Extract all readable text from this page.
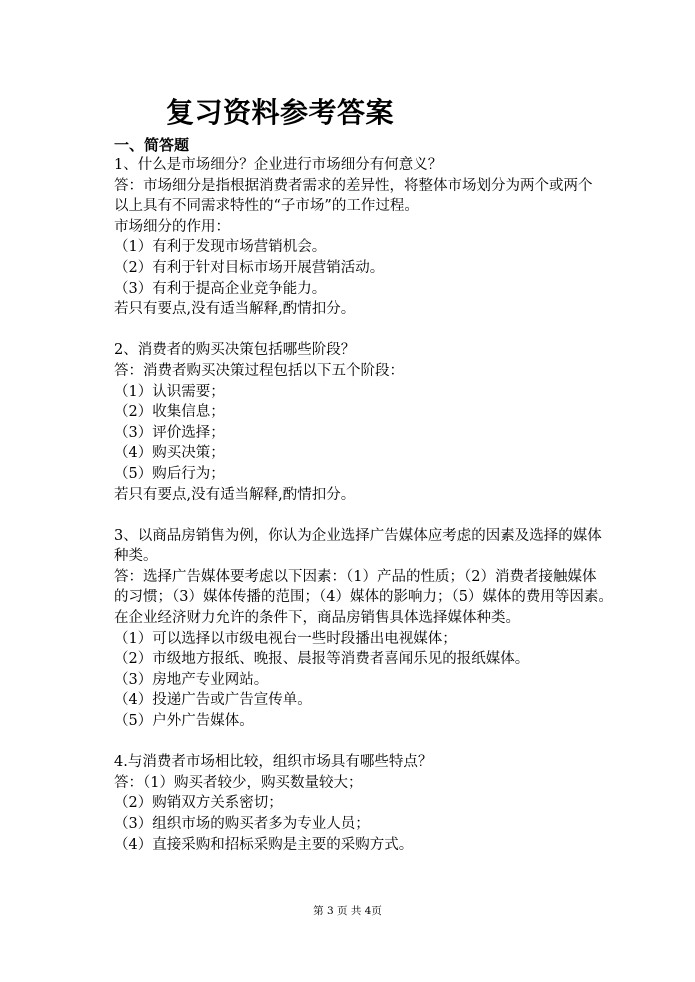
复习资料参考答案
一、简答题
1、什么是市场细分？企业进行市场细分有何意义？
答：市场细分是指根据消费者需求的差异性，将整体市场划分为两个或两个
以上具有不同需求特性的“子市场”的工作过程。
市场细分的作用：
（1）有利于发现市场营销机会。
（2）有利于针对目标市场开展营销活动。
（3）有利于提高企业竞争能力。
若只有要点,没有适当解释,酌情扣分。
2、消费者的购买决策包括哪些阶段？
答：消费者购买决策过程包括以下五个阶段：
（1）认识需要；
（2）收集信息；
（3）评价选择；
（4）购买决策；
（5）购后行为；
若只有要点,没有适当解释,酌情扣分。
3、以商品房销售为例，你认为企业选择广告媒体应考虑的因素及选择的媒体
种类。
答：选择广告媒体要考虑以下因素：（1）产品的性质；（2）消费者接触媒体
的习惯；（3）媒体传播的范围；（4）媒体的影响力；（5）媒体的费用等因素。
在企业经济财力允许的条件下，商品房销售具体选择媒体种类。
（1）可以选择以市级电视台一些时段播出电视媒体；
（2）市级地方报纸、晚报、晨报等消费者喜闻乐见的报纸媒体。
（3）房地产专业网站。
（4）投递广告或广告宣传单。
（5）户外广告媒体。
4.与消费者市场相比较，组织市场具有哪些特点？
答：（1）购买者较少，购买数量较大；
（2）购销双方关系密切；
（3）组织市场的购买者多为专业人员；
（4）直接采购和招标采购是主要的采购方式。
第 3 页 共 4页
